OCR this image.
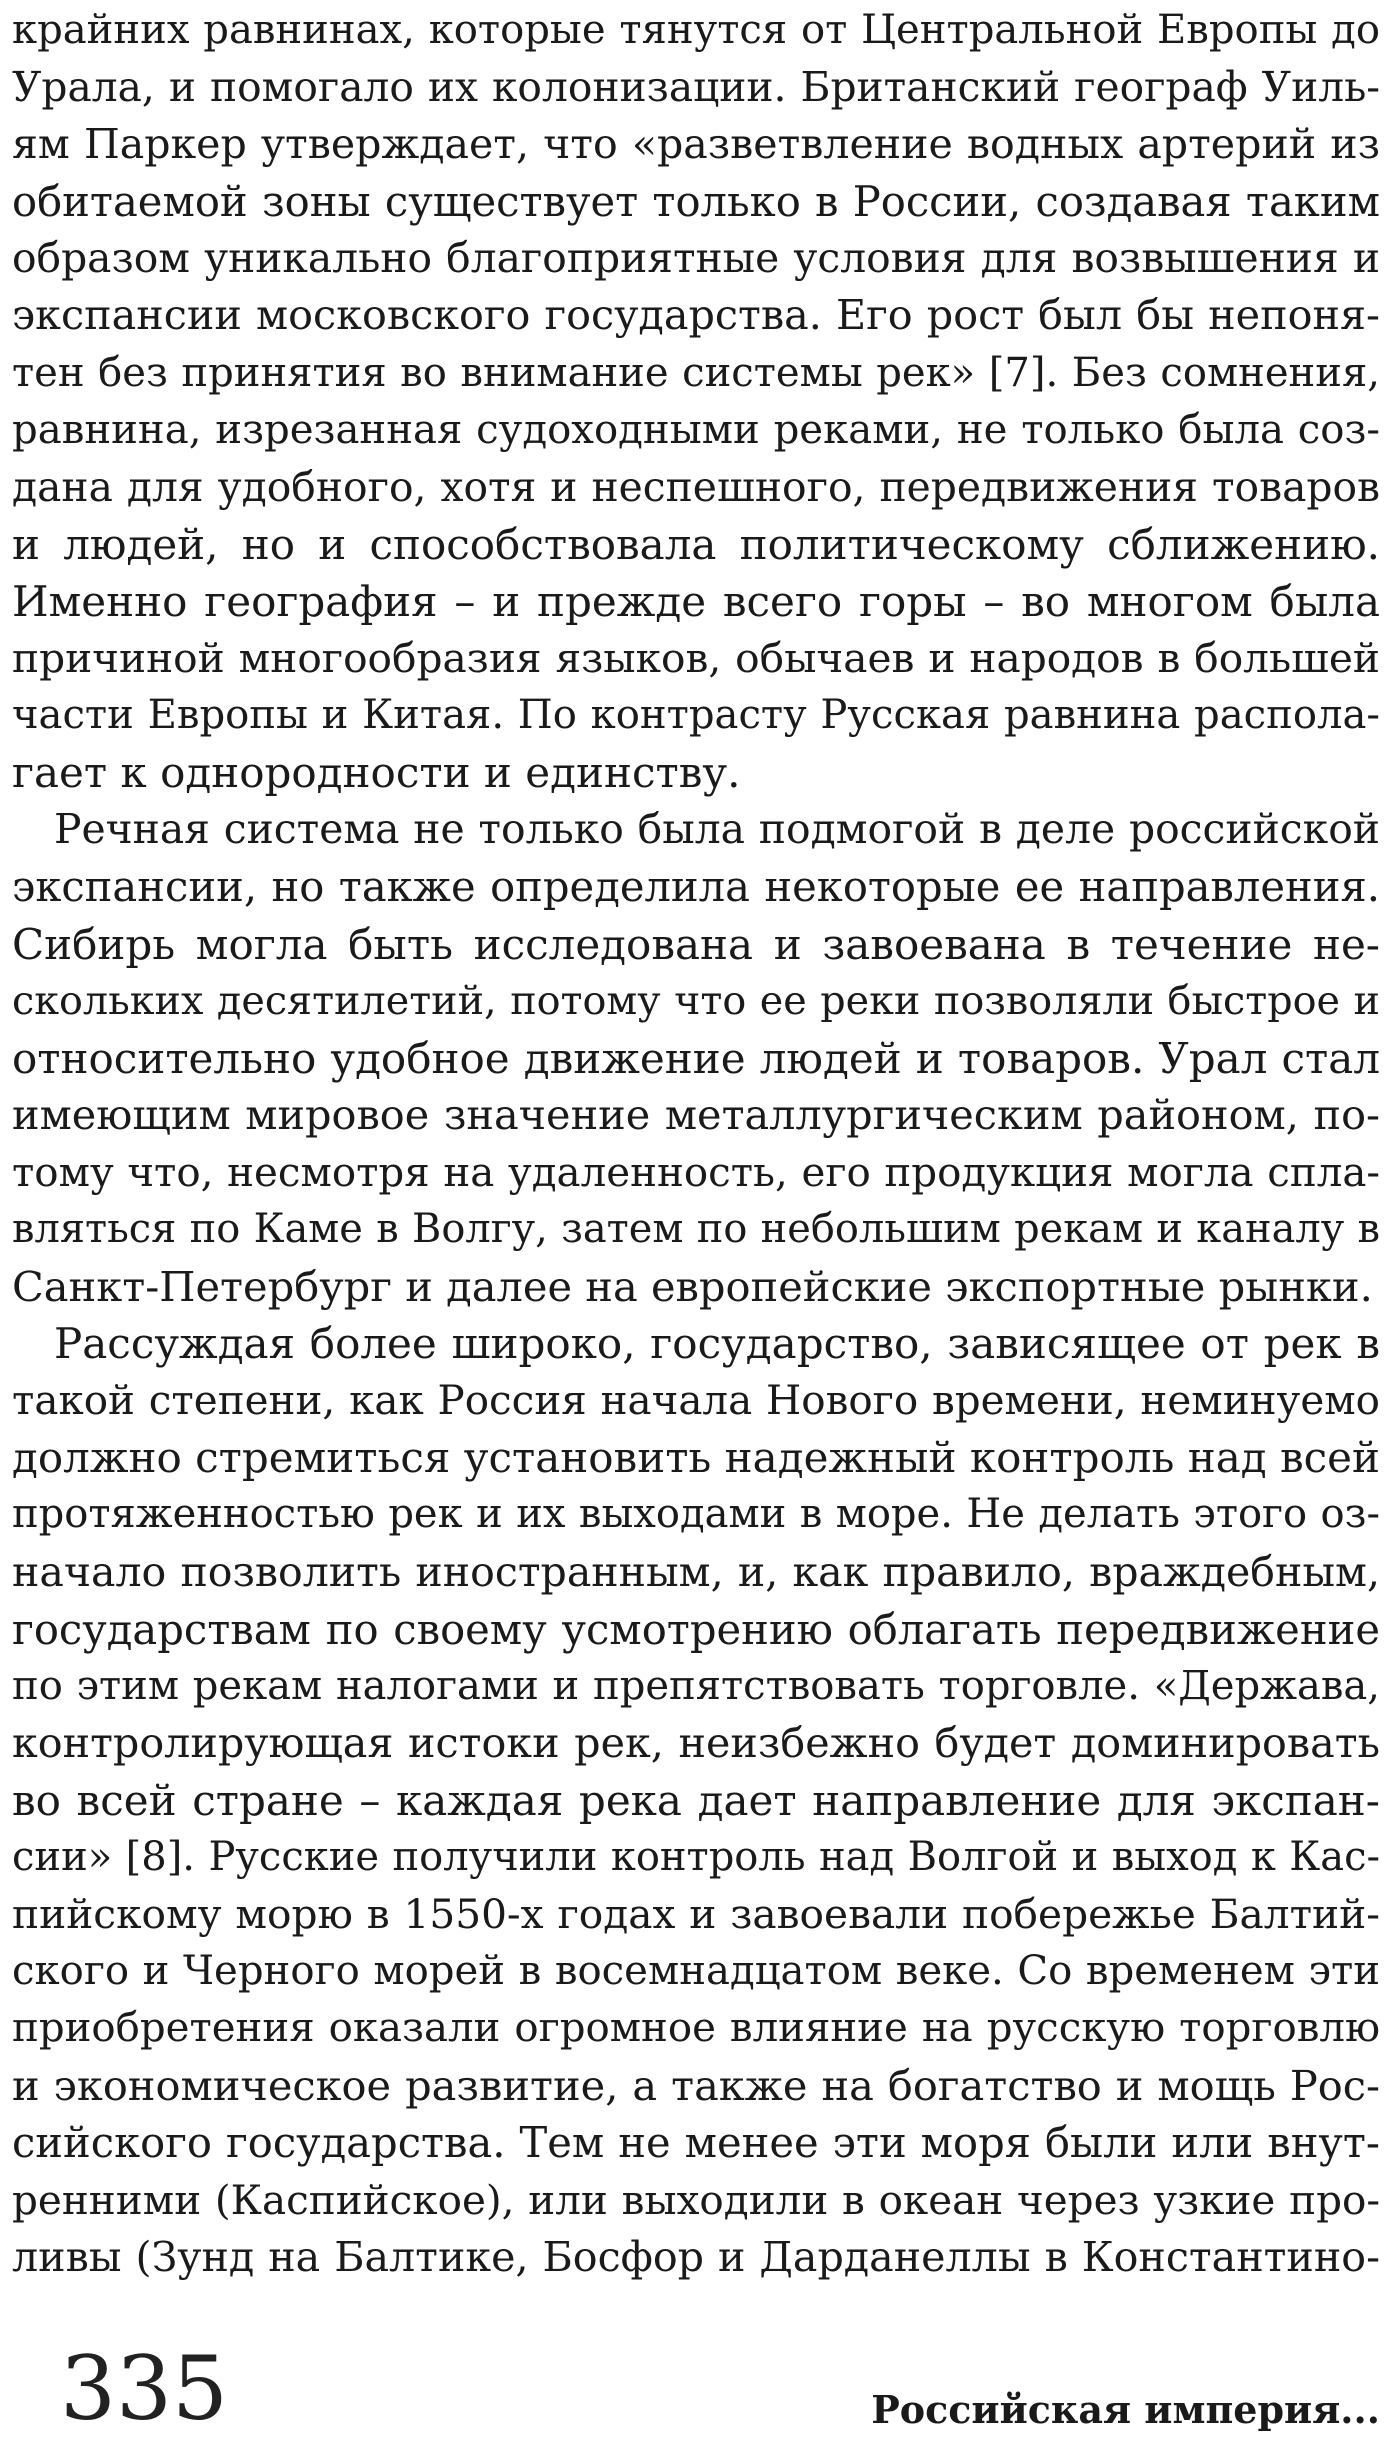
крайних равнинах, которые тянутся от Центральной Европы до
Урала, и помогало их колонизации. Британский географ Уиль-
ям Паркер утверждает, что «разветвление водных артерий из
обитаемой зоны существует только в России, создавая таким
образом уникально благоприятные условия для возвышения и
экспансии московского государства. Его рост был бы непоня-
тен без принятия во внимание системы рек» [7]. Без сомнения,
равнина, изрезанная судоходными реками, не только была соз-
дана для удобного, хотя и неспешного, передвижения товаров
и людей, но и способствовала политическому сближению.
Именно география – и прежде всего горы – во многом была
причиной многообразия языков, обычаев и народов в большей
части Европы и Китая. По контрасту Русская равнина распола-
гает к однородности и единству.
Речная система не только была подмогой в деле российской
экспансии, но также определила некоторые ее направления.
Сибирь могла быть исследована и завоевана в течение не-
скольких десятилетий, потому что ее реки позволяли быстрое и
относительно удобное движение людей и товаров. Урал стал
имеющим мировое значение металлургическим районом, по-
тому что, несмотря на удаленность, его продукция могла спла-
вляться по Каме в Волгу, затем по небольшим рекам и каналу в
Санкт-Петербург и далее на европейские экспортные рынки.
Рассуждая более широко, государство, зависящее от рек в
такой степени, как Россия начала Нового времени, неминуемо
должно стремиться установить надежный контроль над всей
протяженностью рек и их выходами в море. Не делать этого оз-
начало позволить иностранным, и, как правило, враждебным,
государствам по своему усмотрению облагать передвижение
по этим рекам налогами и препятствовать торговле. «Держава,
контролирующая истоки рек, неизбежно будет доминировать
во всей стране – каждая река дает направление для экспан-
сии» [8]. Русские получили контроль над Волгой и выход к Кас-
пийскому морю в 1550-х годах и завоевали побережье Балтий-
ского и Черного морей в восемнадцатом веке. Со временем эти
приобретения оказали огромное влияние на русскую торговлю
и экономическое развитие, а также на богатство и мощь Рос-
сийского государства. Тем не менее эти моря были или внут-
ренними (Каспийское), или выходили в океан через узкие про-
ливы (Зунд на Балтике, Босфор и Дарданеллы в Константино-
335	Российская империя...
